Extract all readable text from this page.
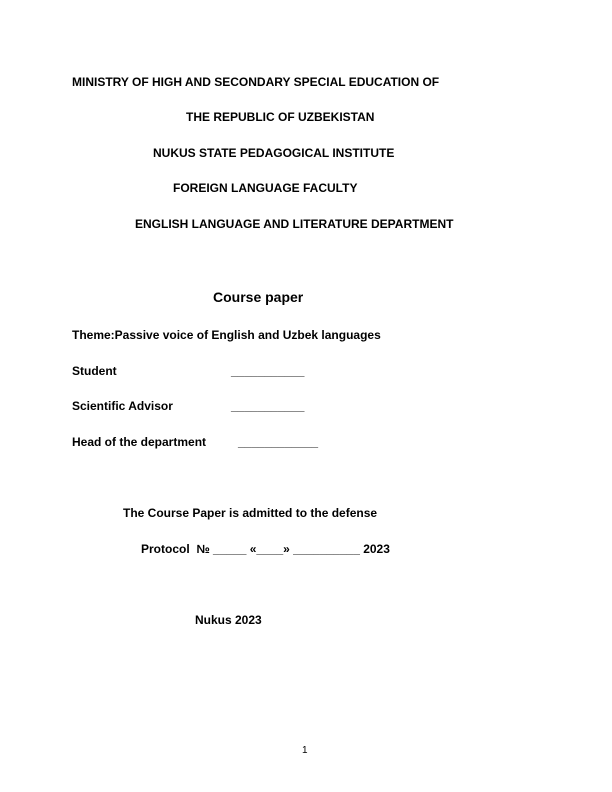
MINISTRY OF HIGH AND SECONDARY SPECIAL EDUCATION OF
THE REPUBLIC OF UZBEKISTAN
NUKUS STATE PEDAGOGICAL INSTITUTE
FOREIGN LANGUAGE FACULTY
ENGLISH LANGUAGE AND LITERATURE DEPARTMENT
Course paper
Theme:Passive voice of English and Uzbek languages
Student	___________
Scientific Advisor	___________
Head of the department	____________
The Course Paper is admitted to the defense
Protocol  № _____ «____» __________ 2023
Nukus 2023
1
